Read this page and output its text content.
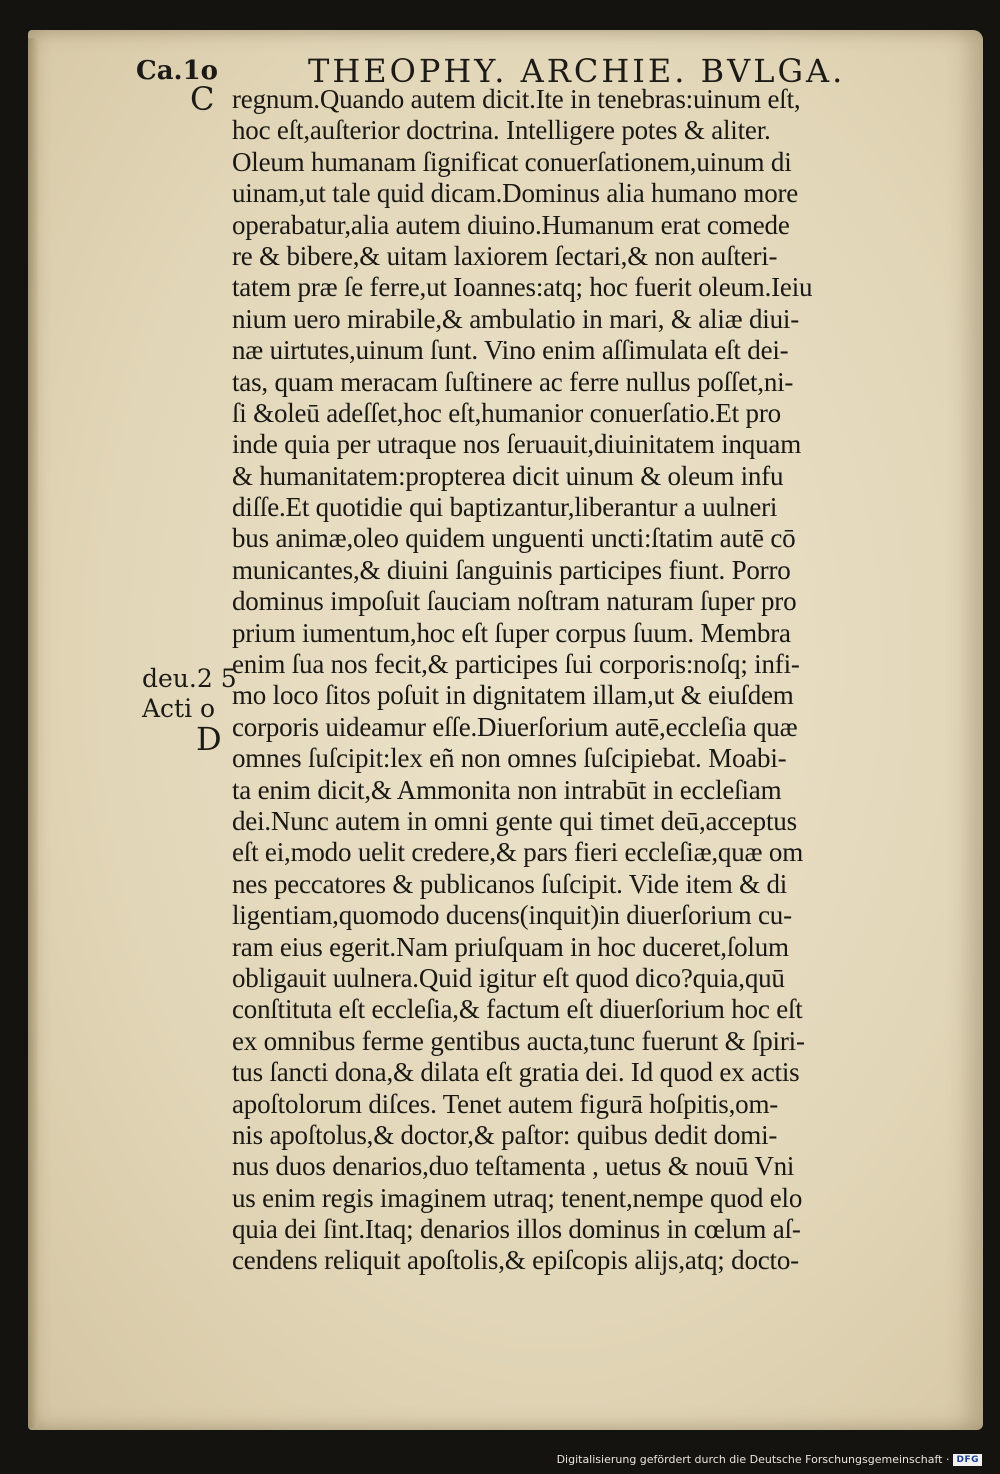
Ca.1o	THEOPHY. ARCHIE. BVLGA.
C
deu.2 5
Acti o
D
regnum.Quando autem dicit.Ite in tenebras:uinum eſt,
hoc eſt,auſterior doctrina. Intelligere potes & aliter.
Oleum humanam ſignificat conuerſationem,uinum di
uinam,ut tale quid dicam.Dominus alia humano more
operabatur,alia autem diuino.Humanum erat comede
re & bibere,& uitam laxiorem ſectari,& non auſteri-
tatem præ ſe ferre,ut Ioannes:atq; hoc fuerit oleum.Ieiu
nium uero mirabile,& ambulatio in mari, & aliæ diui-
næ uirtutes,uinum ſunt. Vino enim aſſimulata eſt dei-
tas, quam meracam ſuſtinere ac ferre nullus poſſet,ni-
ſi &oleū adeſſet,hoc eſt,humanior conuerſatio.Et pro
inde quia per utraque nos ſeruauit,diuinitatem inquam
& humanitatem:propterea dicit uinum & oleum infu
diſſe.Et quotidie qui baptizantur,liberantur a uulneri
bus animæ,oleo quidem unguenti uncti:ſtatim autē cō
municantes,& diuini ſanguinis participes fiunt. Porro
dominus impoſuit ſauciam noſtram naturam ſuper pro
prium iumentum,hoc eſt ſuper corpus ſuum. Membra
enim ſua nos fecit,& participes ſui corporis:noſq; infi-
mo loco ſitos poſuit in dignitatem illam,ut & eiuſdem
corporis uideamur eſſe.Diuerſorium autē,eccleſia quæ
omnes ſuſcipit:lex eñ non omnes ſuſcipiebat. Moabi-
ta enim dicit,& Ammonita non intrabūt in eccleſiam
dei.Nunc autem in omni gente qui timet deū,acceptus
eſt ei,modo uelit credere,& pars fieri eccleſiæ,quæ om
nes peccatores & publicanos ſuſcipit. Vide item & di
ligentiam,quomodo ducens(inquit)in diuerſorium cu-
ram eius egerit.Nam priuſquam in hoc duceret,ſolum
obligauit uulnera.Quid igitur eſt quod dico?quia,quū
conſtituta eſt eccleſia,& factum eſt diuerſorium hoc eſt
ex omnibus ferme gentibus aucta,tunc fuerunt & ſpiri-
tus ſancti dona,& dilata eſt gratia dei. Id quod ex actis
apoſtolorum diſces. Tenet autem figurā hoſpitis,om-
nis apoſtolus,& doctor,& paſtor: quibus dedit domi-
nus duos denarios,duo teſtamenta , uetus & nouū Vni
us enim regis imaginem utraq; tenent,nempe quod elo
quia dei ſint.Itaq; denarios illos dominus in cœlum aſ-
cendens reliquit apoſtolis,& epiſcopis alijs,atq; docto-
Digitalisierung gefördert durch die Deutsche Forschungsgemeinschaft · DFG
